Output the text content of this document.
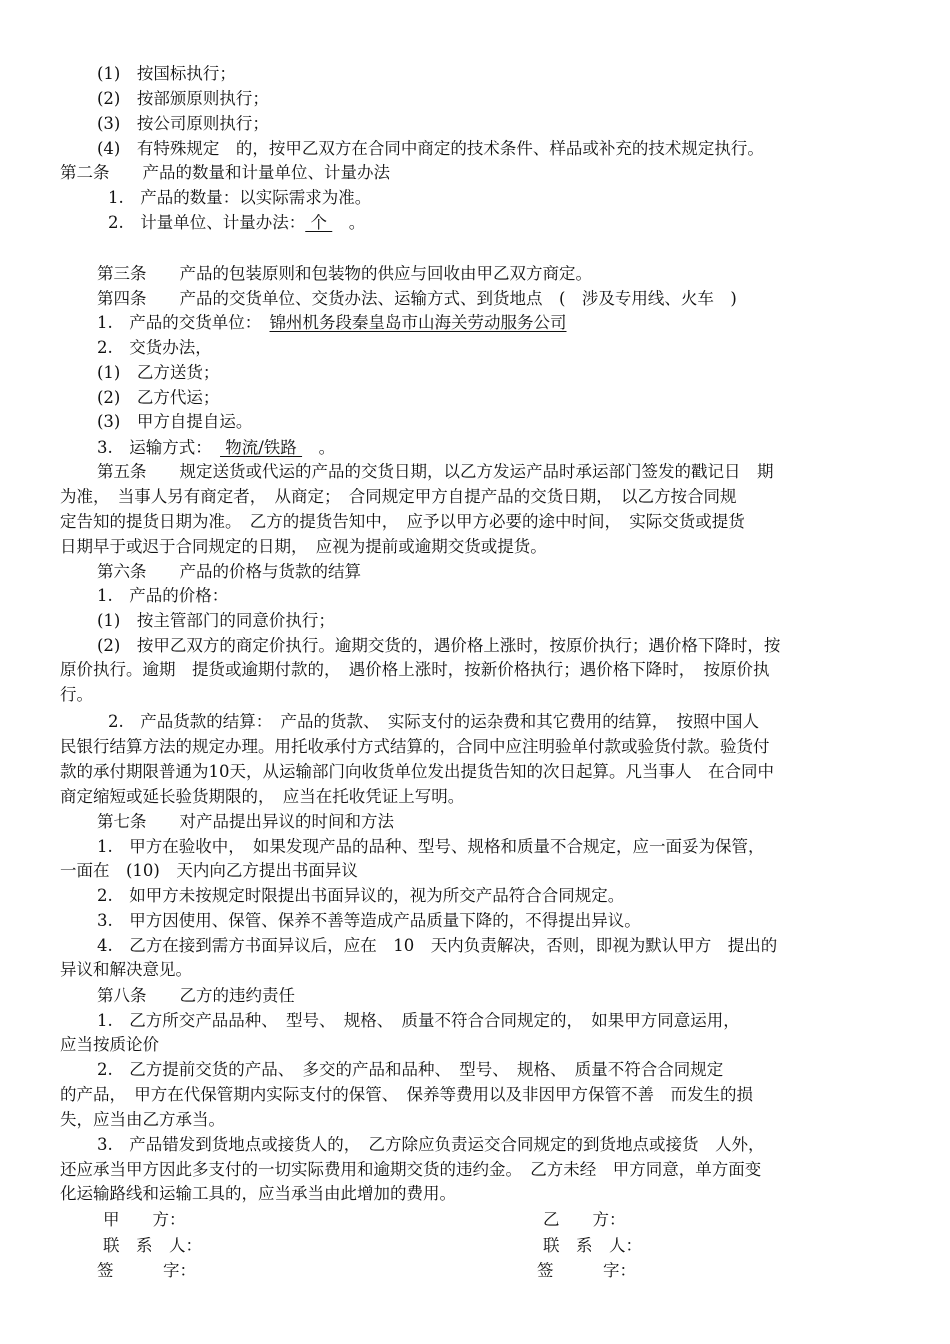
(1)　按国标执行；
(2)　按部颁原则执行；
(3)　按公司原则执行；
(4)　有特殊规定　的，按甲乙双方在合同中商定的技术条件、样品或补充的技术规定执行。
第二条　　产品的数量和计量单位、计量办法
1.　产品的数量：以实际需求为准。
2.　计量单位、计量办法： 个 　。
第三条　　产品的包装原则和包装物的供应与回收由甲乙双方商定。
第四条　　产品的交货单位、交货办法、运输方式、到货地点　(　涉及专用线、火车　)
1.　产品的交货单位：　锦州机务段秦皇岛市山海关劳动服务公司
2.　交货办法，
(1)　乙方送货；
(2)　乙方代运；
(3)　甲方自提自运。
3.　运输方式：　 物流/铁路 　。
第五条　　规定送货或代运的产品的交货日期，以乙方发运产品时承运部门签发的戳记日　期
为准，　当事人另有商定者，　从商定；　合同规定甲方自提产品的交货日期，　以乙方按合同规
定告知的提货日期为准。　乙方的提货告知中，　应予以甲方必要的途中时间，　实际交货或提货
日期早于或迟于合同规定的日期，　应视为提前或逾期交货或提货。
第六条　　产品的价格与货款的结算
1.　产品的价格：
(1)　按主管部门的同意价执行；
(2)　按甲乙双方的商定价执行。逾期交货的，遇价格上涨时，按原价执行；遇价格下降时，按
原价执行。逾期　提货或逾期付款的，　遇价格上涨时，按新价格执行；遇价格下降时，　按原价执
行。
2.　产品货款的结算：　产品的货款、　实际支付的运杂费和其它费用的结算，　按照中国人
民银行结算方法的规定办理。用托收承付方式结算的，合同中应注明验单付款或验货付款。验货付
款的承付期限普通为10天，从运输部门向收货单位发出提货告知的次日起算。凡当事人　在合同中
商定缩短或延长验货期限的，　应当在托收凭证上写明。
第七条　　对产品提出异议的时间和方法
1.　甲方在验收中，　如果发现产品的品种、型号、规格和质量不合规定，应一面妥为保管，
一面在　(10)　天内向乙方提出书面异议
2.　如甲方未按规定时限提出书面异议的，视为所交产品符合合同规定。
3.　甲方因使用、保管、保养不善等造成产品质量下降的，不得提出异议。
4.　乙方在接到需方书面异议后，应在　10　天内负责解决，否则，即视为默认甲方　提出的
异议和解决意见。
第八条　　乙方的违约责任
1.　乙方所交产品品种、　型号、　规格、　质量不符合合同规定的，　如果甲方同意运用，
应当按质论价
2.　乙方提前交货的产品、　多交的产品和品种、　型号、　规格、　质量不符合合同规定
的产品，　甲方在代保管期内实际支付的保管、　保养等费用以及非因甲方保管不善　而发生的损
失，应当由乙方承当。
3.　产品错发到货地点或接货人的，　乙方除应负责运交合同规定的到货地点或接货　人外，
还应承当甲方因此多支付的一切实际费用和逾期交货的违约金。　乙方未经　甲方同意，单方面变
化运输路线和运输工具的，应当承当由此增加的费用。
甲　　方：
联　系　人：
签　　　字：
乙　　方：
联　系　人：
签　　　字：
